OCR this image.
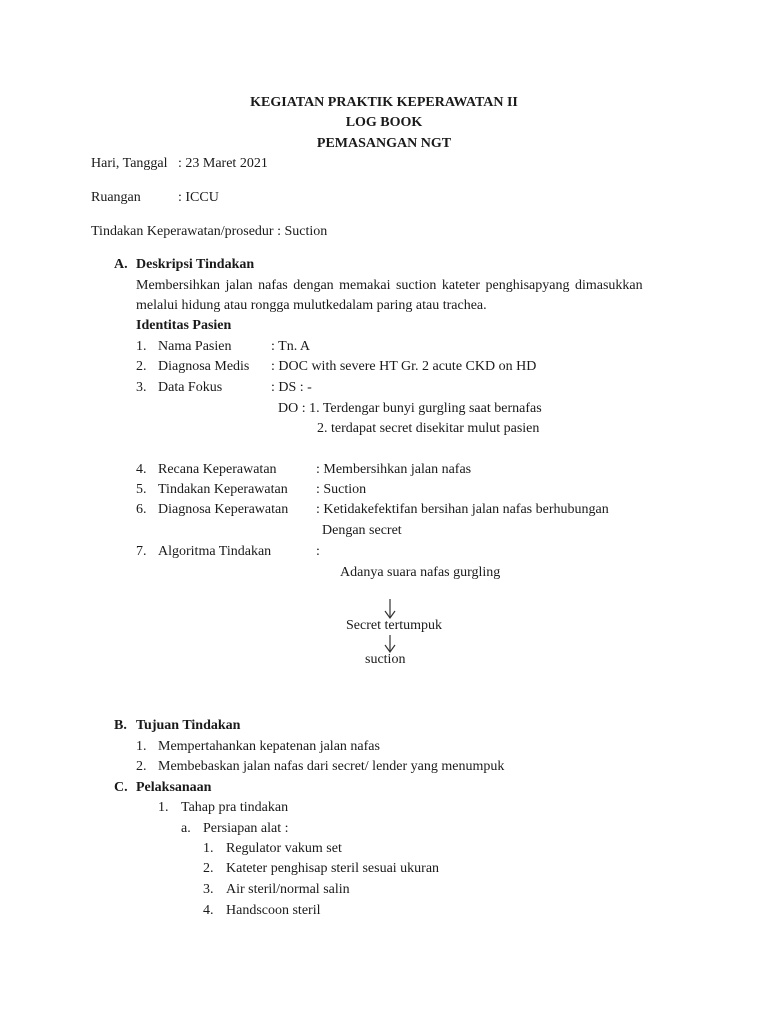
KEGIATAN PRAKTIK KEPERAWATAN II
LOG BOOK
PEMASANGAN NGT
Hari, Tanggal : 23 Maret 2021
Ruangan	: ICCU
Tindakan Keperawatan/prosedur : Suction
A. Deskripsi Tindakan
Membersihkan jalan nafas dengan memakai suction kateter penghisapyang dimasukkan
melalui hidung atau rongga mulutkedalam paring atau trachea.
Identitas Pasien
1. Nama Pasien	: Tn. A
2. Diagnosa Medis : DOC with severe HT Gr. 2 acute CKD on HD
3. Data Fokus	: DS : -
DO : 1. Terdengar bunyi gurgling saat bernafas
2. terdapat secret disekitar mulut pasien
4. Recana Keperawatan	: Membersihkan jalan nafas
5. Tindakan Keperawatan : Suction
6. Diagnosa Keperawatan : Ketidakefektifan bersihan jalan nafas berhubungan
Dengan secret
7. Algoritma Tindakan	:
Adanya suara nafas gurgling
Secret tertumpuk
suction
B. Tujuan Tindakan
1. Mempertahankan kepatenan jalan nafas
2. Membebaskan jalan nafas dari secret/ lender yang menumpuk
C. Pelaksanaan
1. Tahap pra tindakan
a. Persiapan alat :
1. Regulator vakum set
2. Kateter penghisap steril sesuai ukuran
3. Air steril/normal salin
4. Handscoon steril
